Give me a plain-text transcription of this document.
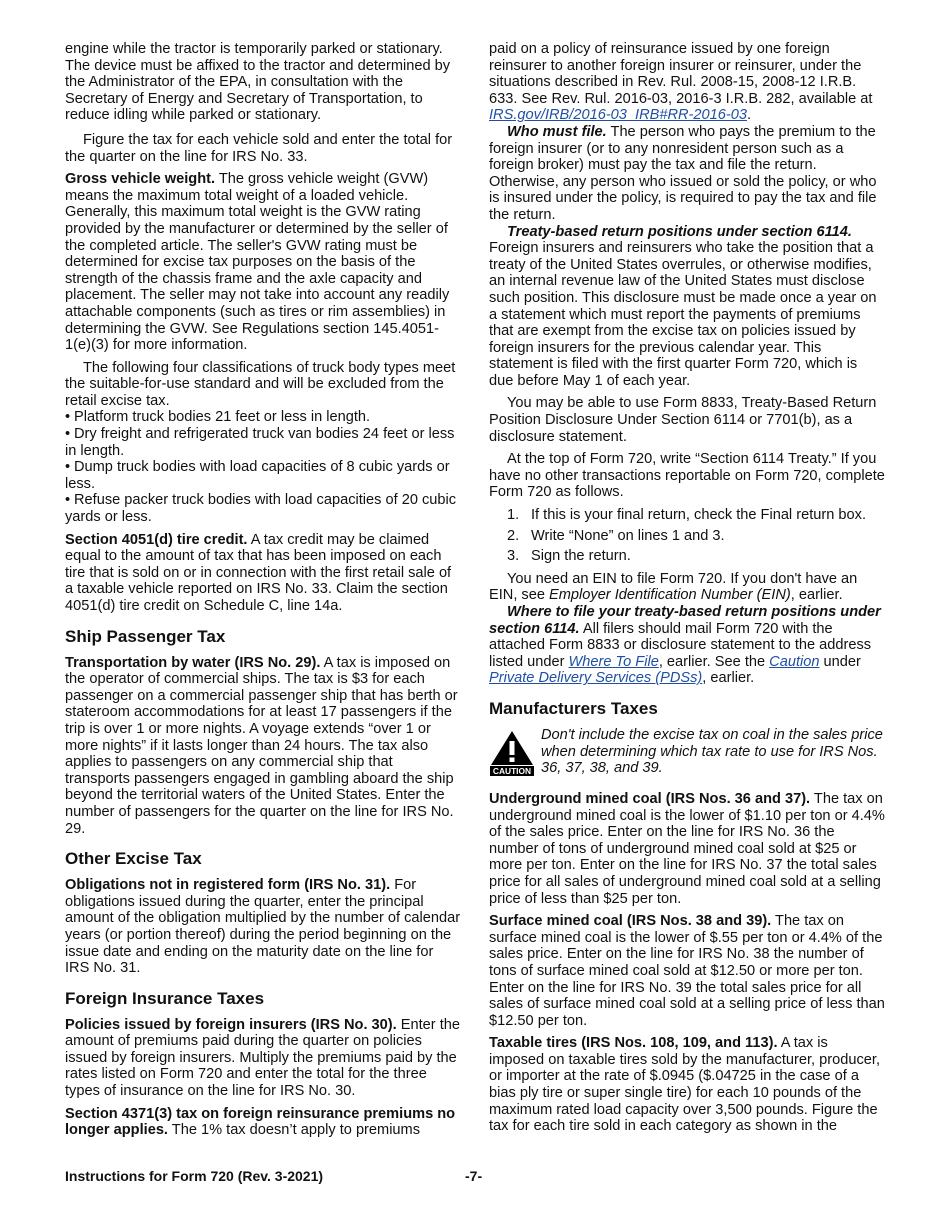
engine while the tractor is temporarily parked or stationary. The device must be affixed to the tractor and determined by the Administrator of the EPA, in consultation with the Secretary of Energy and Secretary of Transportation, to reduce idling while parked or stationary.

Figure the tax for each vehicle sold and enter the total for the quarter on the line for IRS No. 33.

Gross vehicle weight. The gross vehicle weight (GVW) means the maximum total weight of a loaded vehicle. Generally, this maximum total weight is the GVW rating provided by the manufacturer or determined by the seller of the completed article. The seller's GVW rating must be determined for excise tax purposes on the basis of the strength of the chassis frame and the axle capacity and placement. The seller may not take into account any readily attachable components (such as tires or rim assemblies) in determining the GVW. See Regulations section 145.4051-1(e)(3) for more information.

The following four classifications of truck body types meet the suitable-for-use standard and will be excluded from the retail excise tax.

• Platform truck bodies 21 feet or less in length.

• Dry freight and refrigerated truck van bodies 24 feet or less in length.

• Dump truck bodies with load capacities of 8 cubic yards or less.

• Refuse packer truck bodies with load capacities of 20 cubic yards or less.

Section 4051(d) tire credit. A tax credit may be claimed equal to the amount of tax that has been imposed on each tire that is sold on or in connection with the first retail sale of a taxable vehicle reported on IRS No. 33. Claim the section 4051(d) tire credit on Schedule C, line 14a.

Ship Passenger Tax

Transportation by water (IRS No. 29). A tax is imposed on the operator of commercial ships. The tax is $3 for each passenger on a commercial passenger ship that has berth or stateroom accommodations for at least 17 passengers if the trip is over 1 or more nights. A voyage extends “over 1 or more nights” if it lasts longer than 24 hours. The tax also applies to passengers on any commercial ship that transports passengers engaged in gambling aboard the ship beyond the territorial waters of the United States. Enter the number of passengers for the quarter on the line for IRS No. 29.

Other Excise Tax

Obligations not in registered form (IRS No. 31). For obligations issued during the quarter, enter the principal amount of the obligation multiplied by the number of calendar years (or portion thereof) during the period beginning on the issue date and ending on the maturity date on the line for IRS No. 31.

Foreign Insurance Taxes

Policies issued by foreign insurers (IRS No. 30). Enter the amount of premiums paid during the quarter on policies issued by foreign insurers. Multiply the premiums paid by the rates listed on Form 720 and enter the total for the three types of insurance on the line for IRS No. 30.

Section 4371(3) tax on foreign reinsurance premiums no longer applies. The 1% tax doesn’t apply to premiums

paid on a policy of reinsurance issued by one foreign reinsurer to another foreign insurer or reinsurer, under the situations described in Rev. Rul. 2008-15, 2008-12 I.R.B. 633. See Rev. Rul. 2016-03, 2016-3 I.R.B. 282, available at IRS.gov/IRB/2016-03_IRB#RR-2016-03.

Who must file. The person who pays the premium to the foreign insurer (or to any nonresident person such as a foreign broker) must pay the tax and file the return. Otherwise, any person who issued or sold the policy, or who is insured under the policy, is required to pay the tax and file the return.

Treaty-based return positions under section 6114. Foreign insurers and reinsurers who take the position that a treaty of the United States overrules, or otherwise modifies, an internal revenue law of the United States must disclose such position. This disclosure must be made once a year on a statement which must report the payments of premiums that are exempt from the excise tax on policies issued by foreign insurers for the previous calendar year. This statement is filed with the first quarter Form 720, which is due before May 1 of each year.

You may be able to use Form 8833, Treaty-Based Return Position Disclosure Under Section 6114 or 7701(b), as a disclosure statement.

At the top of Form 720, write “Section 6114 Treaty.” If you have no other transactions reportable on Form 720, complete Form 720 as follows.

1. If this is your final return, check the Final return box.
2. Write “None” on lines 1 and 3.
3. Sign the return.

You need an EIN to file Form 720. If you don't have an EIN, see Employer Identification Number (EIN), earlier.

Where to file your treaty-based return positions under section 6114. All filers should mail Form 720 with the attached Form 8833 or disclosure statement to the address listed under Where To File, earlier. See the Caution under Private Delivery Services (PDSs), earlier.

Manufacturers Taxes
CAUTION
Don't include the excise tax on coal in the sales price when determining which tax rate to use for IRS Nos. 36, 37, 38, and 39.

Underground mined coal (IRS Nos. 36 and 37). The tax on underground mined coal is the lower of $1.10 per ton or 4.4% of the sales price. Enter on the line for IRS No. 36 the number of tons of underground mined coal sold at $25 or more per ton. Enter on the line for IRS No. 37 the total sales price for all sales of underground mined coal sold at a selling price of less than $25 per ton.

Surface mined coal (IRS Nos. 38 and 39). The tax on surface mined coal is the lower of $.55 per ton or 4.4% of the sales price. Enter on the line for IRS No. 38 the number of tons of surface mined coal sold at $12.50 or more per ton. Enter on the line for IRS No. 39 the total sales price for all sales of surface mined coal sold at a selling price of less than $12.50 per ton.

Taxable tires (IRS Nos. 108, 109, and 113). A tax is imposed on taxable tires sold by the manufacturer, producer, or importer at the rate of $.0945 ($.04725 in the case of a bias ply tire or super single tire) for each 10 pounds of the maximum rated load capacity over 3,500 pounds. Figure the tax for each tire sold in each category as shown in the

Instructions for Form 720 (Rev. 3-2021)	-7-
